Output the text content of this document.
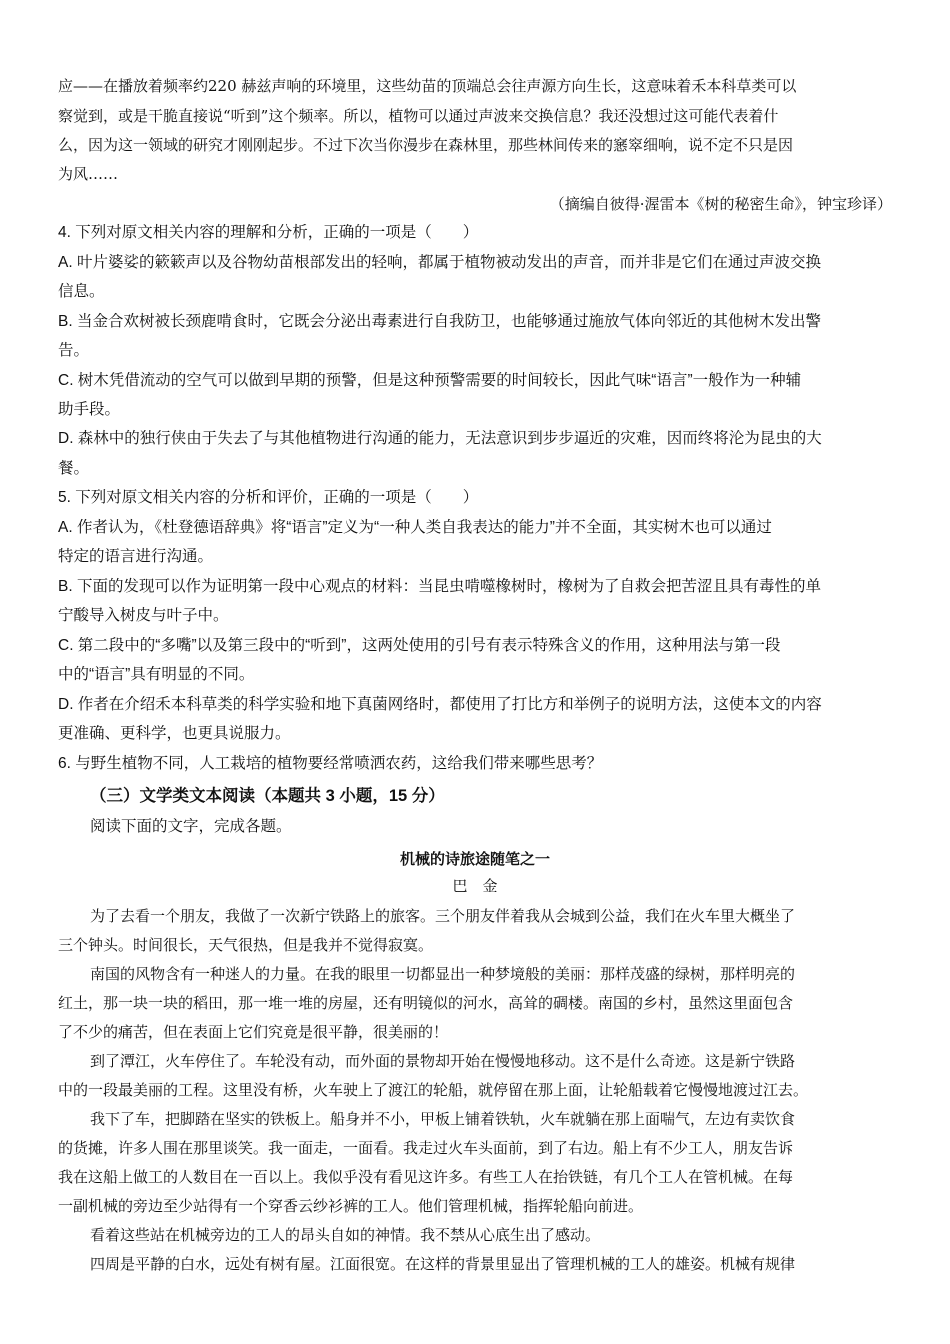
应——在播放着频率约220 赫兹声响的环境里，这些幼苗的顶端总会往声源方向生长，这意味着禾本科草类可以
察觉到，或是干脆直接说“听到”这个频率。所以，植物可以通过声波来交换信息？我还没想过这可能代表着什
么，因为这一领域的研究才刚刚起步。不过下次当你漫步在森林里，那些林间传来的窸窣细响，说不定不只是因
为风……
（摘编自彼得·渥雷本《树的秘密生命》，钟宝珍译）
4. 下列对原文相关内容的理解和分析，正确的一项是（　　）
A. 叶片婆娑的簌簌声以及谷物幼苗根部发出的轻响，都属于植物被动发出的声音，而并非是它们在通过声波交换
信息。
B. 当金合欢树被长颈鹿啃食时，它既会分泌出毒素进行自我防卫，也能够通过施放气体向邻近的其他树木发出警
告。
C. 树木凭借流动的空气可以做到早期的预警，但是这种预警需要的时间较长，因此气味“语言”一般作为一种辅
助手段。
D. 森林中的独行侠由于失去了与其他植物进行沟通的能力，无法意识到步步逼近的灾难，因而终将沦为昆虫的大
餐。
5. 下列对原文相关内容的分析和评价，正确的一项是（　　）
A. 作者认为，《杜登德语辞典》将“语言”定义为“一种人类自我表达的能力”并不全面，其实树木也可以通过
特定的语言进行沟通。
B. 下面的发现可以作为证明第一段中心观点的材料：当昆虫啃噬橡树时，橡树为了自救会把苦涩且具有毒性的单
宁酸导入树皮与叶子中。
C. 第二段中的“多嘴”以及第三段中的“听到”，这两处使用的引号有表示特殊含义的作用，这种用法与第一段
中的“语言”具有明显的不同。
D. 作者在介绍禾本科草类的科学实验和地下真菌网络时，都使用了打比方和举例子的说明方法，这使本文的内容
更准确、更科学，也更具说服力。
6. 与野生植物不同，人工栽培的植物要经常喷洒农药，这给我们带来哪些思考？
（三）文学类文本阅读（本题共 3 小题，15 分）
阅读下面的文字，完成各题。
机械的诗旅途随笔之一
巴　金
为了去看一个朋友，我做了一次新宁铁路上的旅客。三个朋友伴着我从会城到公益，我们在火车里大概坐了
三个钟头。时间很长，天气很热，但是我并不觉得寂寞。
南国的风物含有一种迷人的力量。在我的眼里一切都显出一种梦境般的美丽：那样茂盛的绿树，那样明亮的
红土，那一块一块的稻田，那一堆一堆的房屋，还有明镜似的河水，高耸的碉楼。南国的乡村，虽然这里面包含
了不少的痛苦，但在表面上它们究竟是很平静，很美丽的！
到了潭江，火车停住了。车轮没有动，而外面的景物却开始在慢慢地移动。这不是什么奇迹。这是新宁铁路
中的一段最美丽的工程。这里没有桥，火车驶上了渡江的轮船，就停留在那上面，让轮船载着它慢慢地渡过江去。
我下了车，把脚踏在坚实的铁板上。船身并不小，甲板上铺着铁轨，火车就躺在那上面喘气，左边有卖饮食
的货摊，许多人围在那里谈笑。我一面走，一面看。我走过火车头面前，到了右边。船上有不少工人，朋友告诉
我在这船上做工的人数目在一百以上。我似乎没有看见这许多。有些工人在抬铁链，有几个工人在管机械。在每
一副机械的旁边至少站得有一个穿香云纱衫裤的工人。他们管理机械，指挥轮船向前进。
看着这些站在机械旁边的工人的昂头自如的神情。我不禁从心底生出了感动。
四周是平静的白水，远处有树有屋。江面很宽。在这样的背景里显出了管理机械的工人的雄姿。机械有规律
